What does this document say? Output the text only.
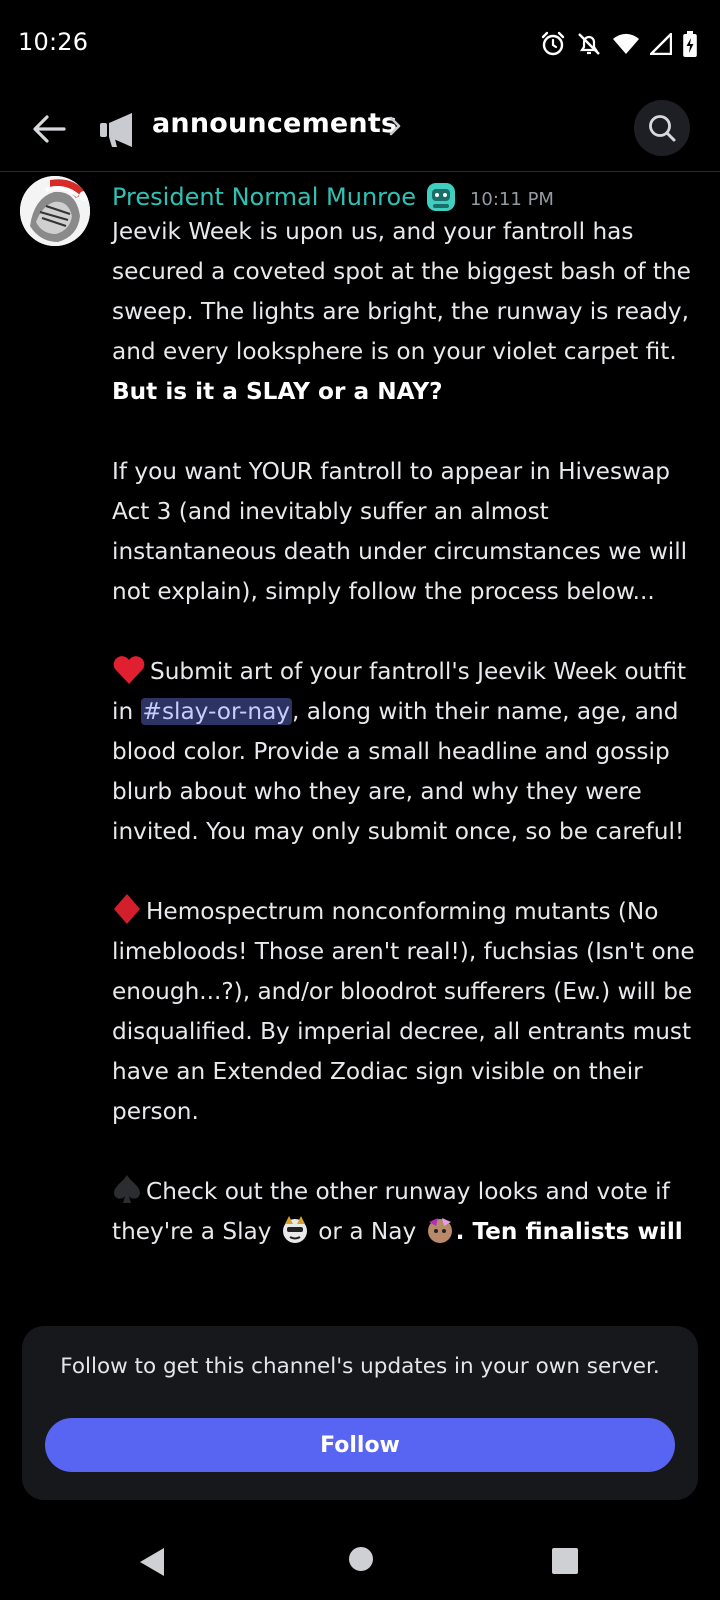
10:26
announcements
President Normal Munroe	10:11 PM

Jeevik Week is upon us, and your fantroll has secured a coveted spot at the biggest bash of the sweep. The lights are bright, the runway is ready, and every looksphere is on your violet carpet fit. But is it a SLAY or a NAY?

If you want YOUR fantroll to appear in Hiveswap Act 3 (and inevitably suffer an almost instantaneous death under circumstances we will not explain), simply follow the process below...

Submit art of your fantroll's Jeevik Week outfit in #slay-or-nay, along with their name, age, and blood color. Provide a small headline and gossip blurb about who they are, and why they were invited. You may only submit once, so be careful!

Hemospectrum nonconforming mutants (No limebloods! Those aren't real!), fuchsias (Isn't one enough...?), and/or bloodrot sufferers (Ew.) will be disqualified. By imperial decree, all entrants must have an Extended Zodiac sign visible on their person.

Check out the other runway looks and vote if they're a Slay  or a Nay . Ten finalists will

Follow to get this channel's updates in your own server.
Follow
